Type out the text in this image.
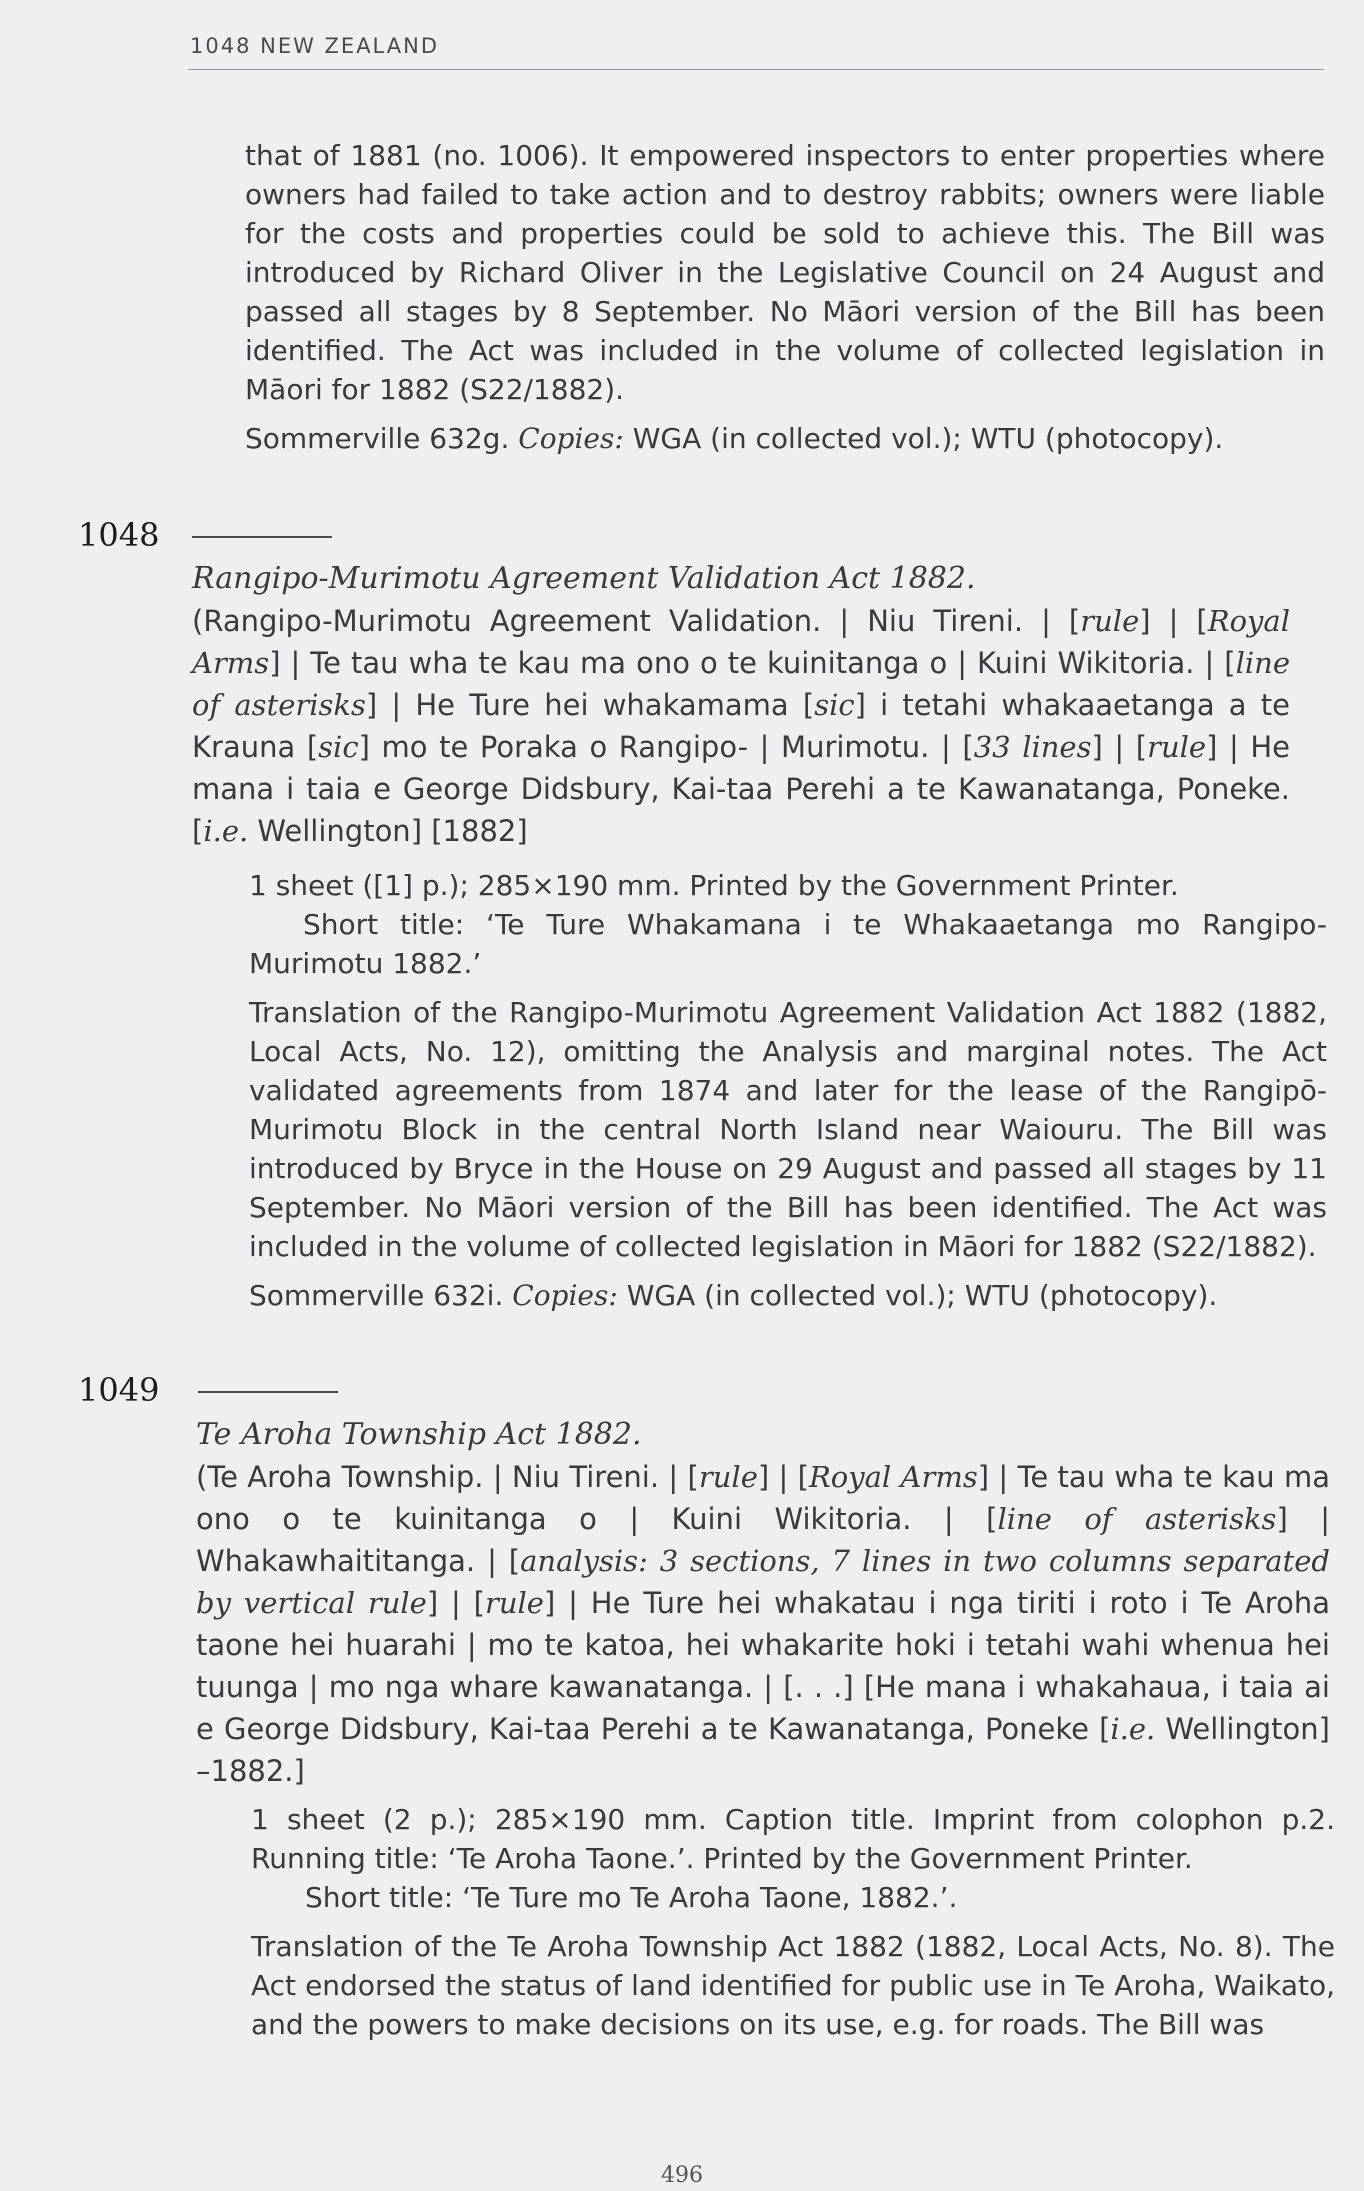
1048 NEW ZEALAND

that of 1881 (no. 1006). It empowered inspectors to enter properties where owners had failed to take action and to destroy rabbits; owners were liable for the costs and properties could be sold to achieve this. The Bill was introduced by Richard Oliver in the Legislative Council on 24 August and passed all stages by 8 September. No Māori version of the Bill has been identified. The Act was included in the volume of collected legislation in Māori for 1882 (S22/1882).

Sommerville 632g. Copies: WGA (in collected vol.); WTU (photocopy).

1048
Rangipo-Murimotu Agreement Validation Act 1882.

(Rangipo-Murimotu Agreement Validation. | Niu Tireni. | [rule] | [Royal Arms] | Te tau wha te kau ma ono o te kuinitanga o | Kuini Wikitoria. | [line of asterisks] | He Ture hei whakamama [sic] i tetahi whakaaetanga a te Krauna [sic] mo te Poraka o Rangipo- | Murimotu. | [33 lines] | [rule] | He mana i taia e George Didsbury, Kai-taa Perehi a te Kawanatanga, Poneke. [i.e. Wellington] [1882]

1 sheet ([1] p.); 285×190 mm. Printed by the Government Printer.

Short title: ‘Te Ture Whakamana i te Whakaaetanga mo Rangipo-Murimotu 1882.’

Translation of the Rangipo-Murimotu Agreement Validation Act 1882 (1882, Local Acts, No. 12), omitting the Analysis and marginal notes. The Act validated agreements from 1874 and later for the lease of the Rangipō-Murimotu Block in the central North Island near Waiouru. The Bill was introduced by Bryce in the House on 29 August and passed all stages by 11 September. No Māori version of the Bill has been identified. The Act was included in the volume of collected legislation in Māori for 1882 (S22/1882).

Sommerville 632i. Copies: WGA (in collected vol.); WTU (photocopy).

1049
Te Aroha Township Act 1882.

(Te Aroha Township. | Niu Tireni. | [rule] | [Royal Arms] | Te tau wha te kau ma ono o te kuinitanga o | Kuini Wikitoria. | [line of asterisks] | Whakawhaititanga. | [analysis: 3 sections, 7 lines in two columns separated by vertical rule] | [rule] | He Ture hei whakatau i nga tiriti i roto i Te Aroha taone hei huarahi | mo te katoa, hei whakarite hoki i tetahi wahi whenua hei tuunga | mo nga whare kawanatanga. | [. . .] [He mana i whakahaua, i taia ai e George Didsbury, Kai-taa Perehi a te Kawanatanga, Poneke [i.e. Wellington] –1882.]

1 sheet (2 p.); 285×190 mm. Caption title. Imprint from colophon p.2. Running title: ‘Te Aroha Taone.’. Printed by the Government Printer.

Short title: ‘Te Ture mo Te Aroha Taone, 1882.’.

Translation of the Te Aroha Township Act 1882 (1882, Local Acts, No. 8). The Act endorsed the status of land identified for public use in Te Aroha, Waikato, and the powers to make decisions on its use, e.g. for roads. The Bill was

496
